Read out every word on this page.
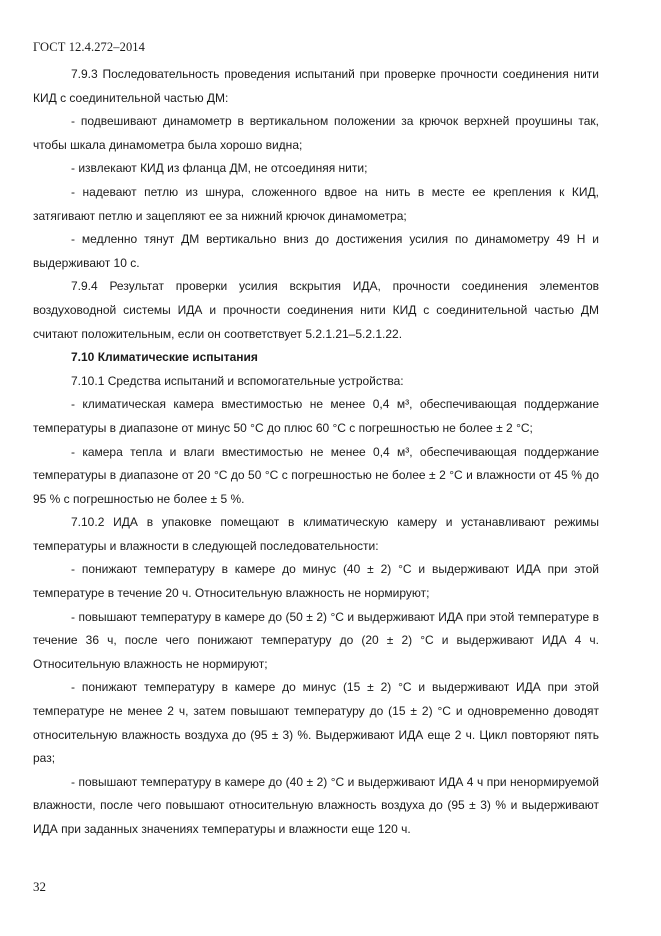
ГОСТ 12.4.272–2014

7.9.3 Последовательность проведения испытаний при проверке прочности соединения нити КИД с соединительной частью ДМ:

- подвешивают динамометр в вертикальном положении за крючок верхней проушины так, чтобы шкала динамометра была хорошо видна;

- извлекают КИД из фланца ДМ, не отсоединяя нити;

- надевают петлю из шнура, сложенного вдвое на нить в месте ее крепления к КИД, затягивают петлю и зацепляют ее за нижний крючок динамометра;

- медленно тянут ДМ вертикально вниз до достижения усилия по динамометру 49 Н и выдерживают 10 с.

7.9.4 Результат проверки усилия вскрытия ИДА, прочности соединения элементов воздуховодной системы ИДА и прочности соединения нити КИД с соединительной частью ДМ считают положительным, если он соответствует 5.2.1.21–5.2.1.22.

7.10 Климатические испытания

7.10.1 Средства испытаний и вспомогательные устройства:

- климатическая камера вместимостью не менее 0,4 м³, обеспечивающая поддержание температуры в диапазоне от минус 50 °С до плюс 60 °С с погрешностью не более ± 2 °С;

- камера тепла и влаги вместимостью не менее 0,4 м³, обеспечивающая поддержание температуры в диапазоне от 20 °С до 50 °С с погрешностью не более ± 2 °С и влажности от 45 % до 95 % с погрешностью не более ± 5 %.

7.10.2 ИДА в упаковке помещают в климатическую камеру и устанавливают режимы температуры и влажности в следующей последовательности:

- понижают температуру в камере до минус (40 ± 2) °С и выдерживают ИДА при этой температуре в течение 20 ч. Относительную влажность не нормируют;

- повышают температуру в камере до (50 ± 2) °С и выдерживают ИДА при этой температуре в течение 36 ч, после чего понижают температуру до (20 ± 2) °С и выдерживают ИДА 4 ч. Относительную влажность не нормируют;

- понижают температуру в камере до минус (15 ± 2) °С и выдерживают ИДА при этой температуре не менее 2 ч, затем повышают температуру до (15 ± 2) °С и одновременно доводят относительную влажность воздуха до (95 ± 3) %. Выдерживают ИДА еще 2 ч. Цикл повторяют пять раз;

- повышают температуру в камере до (40 ± 2) °С и выдерживают ИДА 4 ч при ненормируемой влажности, после чего повышают относительную влажность воздуха до (95 ± 3) % и выдерживают ИДА при заданных значениях температуры и влажности еще 120 ч.

32
